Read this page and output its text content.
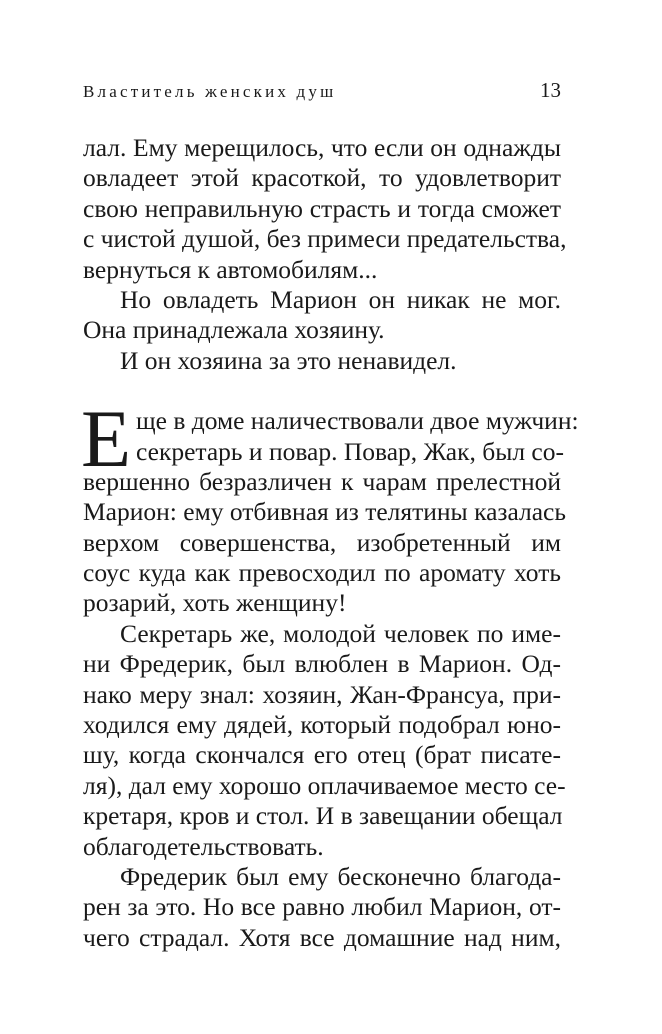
Властитель женских душ	13
лал. Ему мерещилось, что если он однажды
овладеет этой красоткой, то удовлетворит
свою неправильную страсть и тогда сможет
с чистой душой, без примеси предательства,
вернуться к автомобилям...
Но овладеть Марион он никак не мог.
Она принадлежала хозяину.
И он хозяина за это ненавидел.
Е ще в доме наличествовали двое мужчин:
секретарь и повар. Повар, Жак, был со-
вершенно безразличен к чарам прелестной
Марион: ему отбивная из телятины казалась
верхом совершенства, изобретенный им
соус куда как превосходил по аромату хоть
розарий, хоть женщину!
Секретарь же, молодой человек по име-
ни Фредерик, был влюблен в Марион. Од-
нако меру знал: хозяин, Жан-Франсуа, при-
ходился ему дядей, который подобрал юно-
шу, когда скончался его отец (брат писате-
ля), дал ему хорошо оплачиваемое место се-
кретаря, кров и стол. И в завещании обещал
облагодетельствовать.
Фредерик был ему бесконечно благода-
рен за это. Но все равно любил Марион, от-
чего страдал. Хотя все домашние над ним,
